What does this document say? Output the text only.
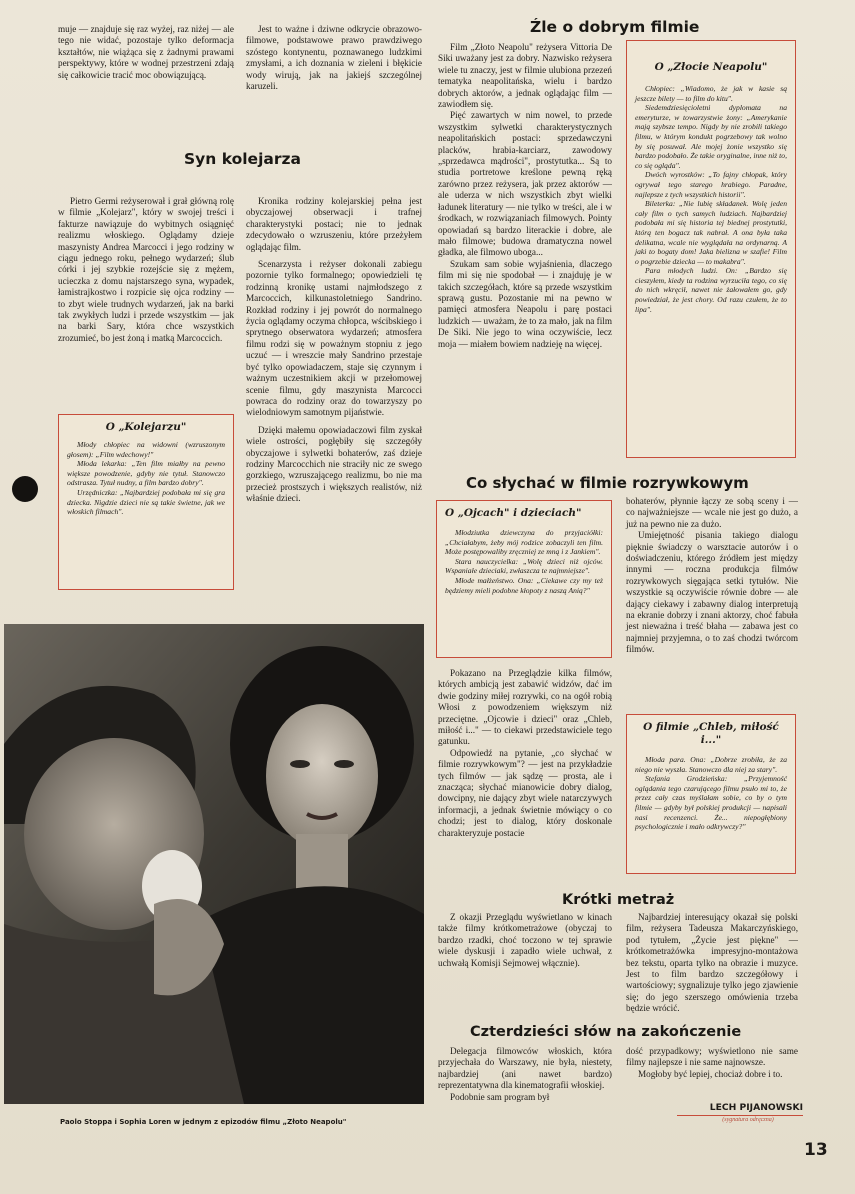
muje — znajduje się raz wyżej, raz niżej — ale tego nie widać, pozostaje tylko deformacja kształtów, nie wiążąca się z żadnymi prawami perspektywy, które w wodnej przestrzeni zdają się całkowicie tracić moc obowiązującą.

Jest to ważne i dziwne odkrycie obrazowo-filmowe, podstawowe prawo prawdziwego szóstego kontynentu, poznawanego ludzkimi zmysłami, a ich doznania w zieleni i błękicie wody wirują, jak na jakiejś szczególnej karuzeli.

Syn kolejarza

Pietro Germi reżyserował i grał główną rolę w filmie „Kolejarz", który w swojej treści i fakturze nawiązuje do wybitnych osiągnięć realizmu włoskiego. Oglądamy dzieje maszynisty Andrea Marcocci i jego rodziny w ciągu jednego roku, pełnego wydarzeń; ślub córki i jej szybkie rozejście się z mężem, ucieczka z domu najstarszego syna, wypadek, łamistrajkostwo i rozpicie się ojca rodziny — to zbyt wiele trudnych wydarzeń, jak na barki tak zwykłych ludzi i przede wszystkim — jak na barki Sary, która chce wszystkich zrozumieć, bo jest żoną i matką Marcoccich.

O „Kolejarzu"

Młody chłopiec na widowni (wzruszonym głosem): „Film wdechowy!"

Młoda lekarka: „Ten film miałby na pewno większe powodzenie, gdyby nie tytuł. Stanowczo odstrasza. Tytuł nudny, a film bardzo dobry".

Urzędniczka: „Najbardziej podobała mi się gra dziecka. Nigdzie dzieci nie są takie świetne, jak we włoskich filmach".

Kronika rodziny kolejarskiej pełna jest obyczajowej obserwacji i trafnej charakterystyki postaci; nie to jednak zdecydowało o wzruszeniu, które przeżyłem oglądając film.

Scenarzysta i reżyser dokonali zabiegu pozornie tylko formalnego; opowiedzieli tę rodzinną kronikę ustami najmłodszego z Marcoccich, kilkunastoletniego Sandrino. Rozkład rodziny i jej powrót do normalnego życia oglądamy oczyma chłopca, wścibskiego i sprytnego obserwatora wydarzeń; atmosfera filmu rodzi się w poważnym stopniu z jego uczuć — i wreszcie mały Sandrino przestaje być tylko opowiadaczem, staje się czynnym i ważnym uczestnikiem akcji w przełomowej scenie filmu, gdy maszynista Marcocci powraca do rodziny oraz do towarzyszy po wielodniowym samotnym pijaństwie.

Dzięki małemu opowiadaczowi film zyskał wiele ostrości, pogłębiły się szczegóły obyczajowe i sylwetki bohaterów, zaś dzieje rodziny Marcocchich nie straciły nic ze swego gorzkiego, wzruszającego realizmu, bo nie ma przecież prostszych i większych realistów, niż właśnie dzieci.

Źle o dobrym filmie

Film „Złoto Neapolu" reżysera Vittoria De Siki uważany jest za dobry. Nazwisko reżysera wiele tu znaczy, jest w filmie ulubiona przezeń tematyka neapolitańska, wielu i bardzo dobrych aktorów, a jednak oglądając film — zawiodłem się.

Pięć zawartych w nim nowel, to przede wszystkim sylwetki charakterystycznych neapolitańskich postaci: sprzedawczyni placków, hrabia-karciarz, zawodowy „sprzedawca mądrości", prostytutka... Są to studia portretowe kreślone pewną ręką zarówno przez reżysera, jak przez aktorów — ale uderza w nich wszystkich zbyt wielki ładunek literatury — nie tylko w treści, ale i w środkach, w rozwiązaniach filmowych. Pointy opowiadań są bardzo literackie i dobre, ale mało filmowe; budowa dramatyczna nowel gładka, ale filmowo uboga...

Szukam sam sobie wyjaśnienia, dlaczego film mi się nie spodobał — i znajduję je w takich szczegółach, które są przede wszystkim sprawą gustu. Pozostanie mi na pewno w pamięci atmosfera Neapolu i parę postaci ludzkich — uważam, że to za mało, jak na film De Siki. Nie jego to wina oczywiście, lecz moja — miałem bowiem nadzieję na więcej.

O „Złocie Neapolu"

Chłopiec: „Wiadomo, że jak w kasie są jeszcze bilety — to film do kitu".

Siedemdziesięcioletni dyplomata na emeryturze, w towarzystwie żony: „Amerykanie mają szybsze tempo. Nigdy by nie zrobili takiego filmu, w którym kondukt pogrzebowy tak wolno by się posuwał. Ale mojej żonie wszystko się bardzo podobało. Że takie oryginalne, inne niż to, co się ogląda".

Dwóch wyrostków: „To fajny chłopak, który ogrywał tego starego hrabiego. Paradne, najlepsze z tych wszystkich historii".

Bileterka: „Nie lubię składanek. Wolę jeden cały film o tych samych ludziach. Najbardziej podobała mi się historia tej biednej prostytutki, którą ten bogacz tak nabrał. A ona była taka delikatna, wcale nie wyglądała na ordynarną. A jaki to bogaty dom! Jaka bielizna w szafie! Film o pogrzebie dziecka — to makabra".

Para młodych ludzi. On: „Bardzo się cieszyłem, kiedy ta rodzina wyrzuciła tego, co się do nich wkręcił, nawet nie żałowałem go, gdy powiedział, że jest chory. Od razu czułem, że to lipa".

Co słychać w filmie rozrywkowym
O „Ojcach" i dzieciach"

Młodziutka dziewczyna do przyjaciółki: „Chciałabym, żeby mój rodzice zobaczyli ten film. Może postępowaliby zręczniej ze mną i z Jankiem".

Stara nauczycielka: „Wolę dzieci niż ojców. Wspaniałe dzieciaki, zwłaszcza te najmniejsze".

Młode małżeństwo. Ona: „Ciekawe czy my też będziemy mieli podobne kłopoty z naszą Anią?"

Pokazano na Przeglądzie kilka filmów, których ambicją jest zabawić widzów, dać im dwie godziny miłej rozrywki, co na ogół robią Włosi z powodzeniem większym niż przeciętne. „Ojcowie i dzieci" oraz „Chleb, miłość i..." — to ciekawi przedstawiciele tego gatunku.

Odpowiedź na pytanie, „co słychać w filmie rozrywkowym"? — jest na przykładzie tych filmów — jak sądzę — prosta, ale i znacząca; słychać mianowicie dobry dialog, dowcipny, nie dający zbyt wiele natarczywych informacji, a jednak świetnie mówiący o co chodzi; jest to dialog, który doskonale charakteryzuje postacie

bohaterów, płynnie łączy ze sobą sceny i — co najważniejsze — wcale nie jest go dużo, a już na pewno nie za dużo.

Umiejętność pisania takiego dialogu pięknie świadczy o warsztacie autorów i o doświadczeniu, którego źródłem jest między innymi — roczna produkcja filmów rozrywkowych sięgająca setki tytułów. Nie wszystkie są oczywiście równie dobre — ale dający ciekawy i zabawny dialog interpretują na ekranie dobrzy i znani aktorzy, choć fabuła jest nieważna i treść błaha — zabawa jest co najmniej przyjemna, o to zaś chodzi twórcom filmów.

O filmie „Chleb, miłość i..."

Młoda para. Ona: „Dobrze zrobiła, że za niego nie wyszła. Stanowczo dla niej za stary".

Stefania Grodzieńska: „Przyjemność oglądania tego czarującego filmu psuło mi to, że przez cały czas myślałam sobie, co by o tym filmie — gdyby był polskiej produkcji — napisali nasi recenzenci. Że... niepogłębiony psychologicznie i mało odkrywczy?"

Krótki metraż

Z okazji Przeglądu wyświetlano w kinach także filmy krótkometrażowe (obyczaj to bardzo rzadki, choć toczono w tej sprawie wiele dyskusji i zapadło wiele uchwał, z uchwałą Komisji Sejmowej włącznie).

Najbardziej interesujący okazał się polski film, reżysera Tadeusza Makarczyńskiego, pod tytułem, „Życie jest piękne" — krótkometrażówka impresyjno-montażowa bez tekstu, oparta tylko na obrazie i muzyce. Jest to film bardzo szczegółowy i wartościowy; sygnalizuje tylko jego zjawienie się; do jego szerszego omówienia trzeba będzie wrócić.

Czterdzieści słów na zakończenie

Delegacja filmowców włoskich, która przyjechała do Warszawy, nie była, niestety, najbardziej (ani nawet bardzo) reprezentatywna dla kinematografii włoskiej.

Podobnie sam program był

dość przypadkowy; wyświetlono nie same filmy najlepsze i nie same najnowsze.

Mogłoby być lepiej, chociaż dobre i to.

LECH PIJANOWSKI
(sygnatura odręczna)
Paolo Stoppa i Sophia Loren w jednym z epizodów filmu „Złoto Neapolu"
13
